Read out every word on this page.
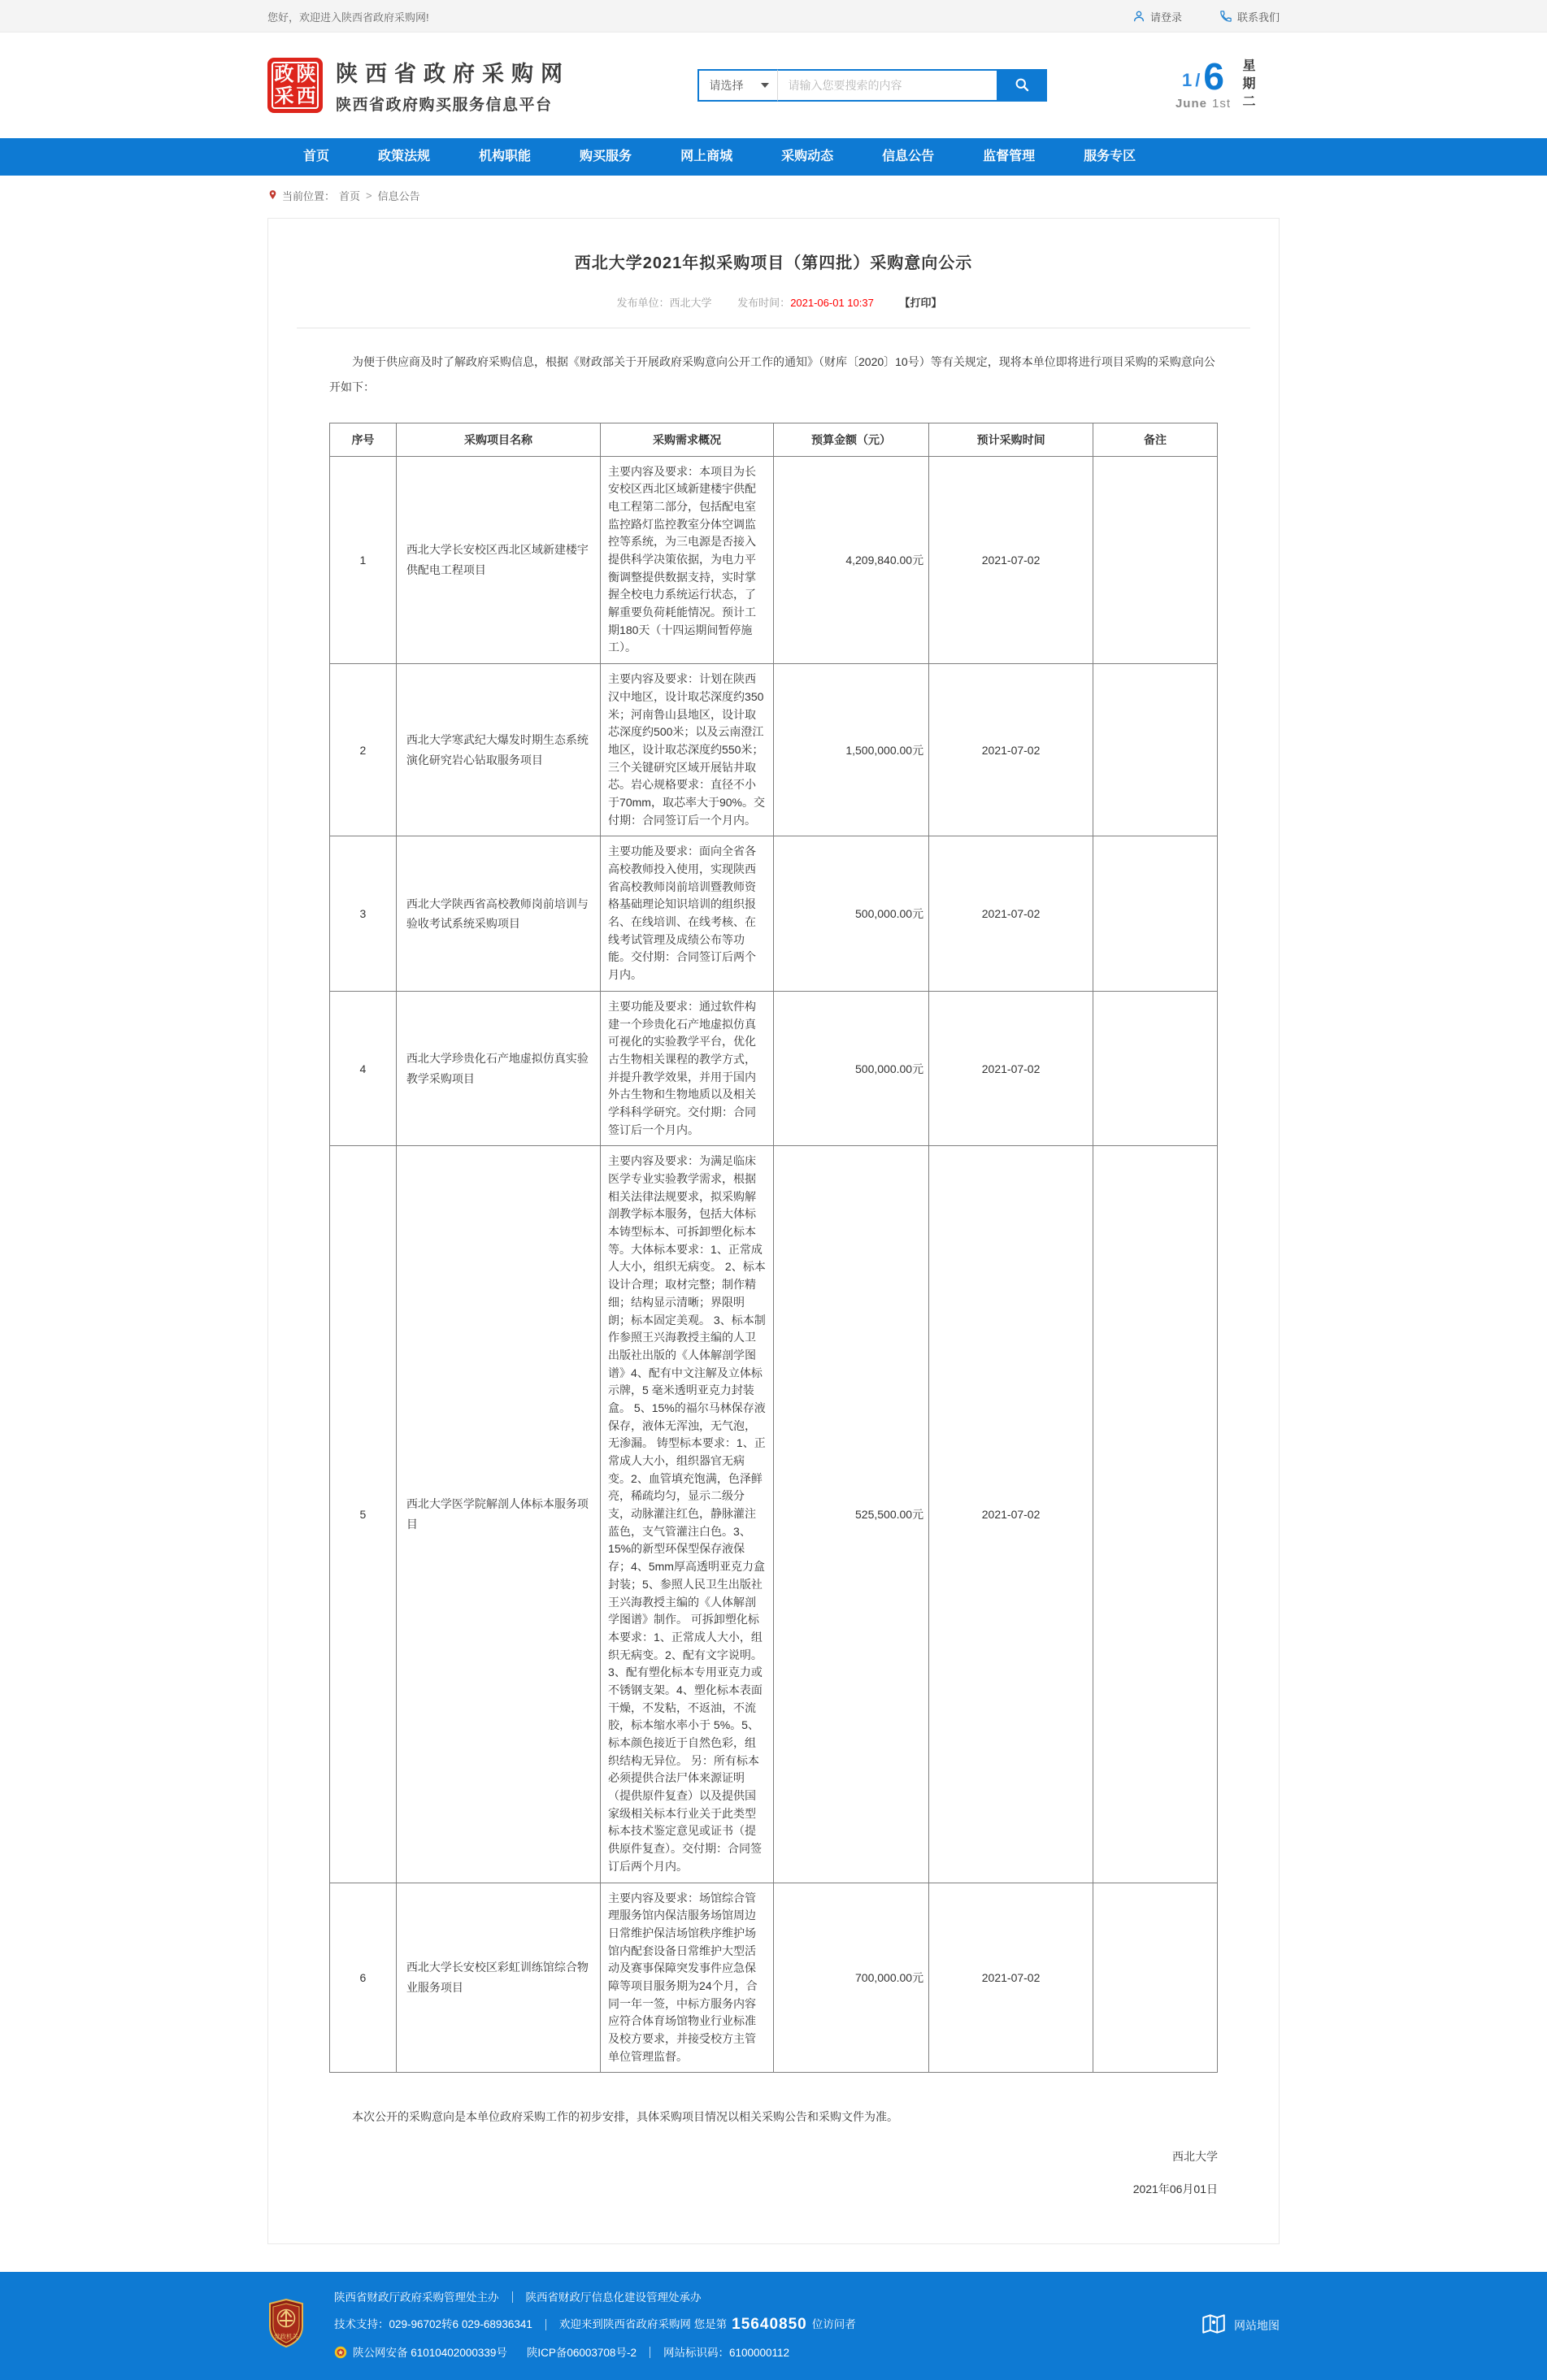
您好，欢迎进入陕西省政府采购网!	请登录	联系我们
政 陕
采 西
陕西省政府采购网
陕西省政府购买服务信息平台
请选择
请输入您要搜索的内容	1 / 6
June 1st 星期二
首页	政策法规	机构职能	购买服务	网上商城	采购动态	信息公告	监督管理	服务专区
当前位置： 首页 > 信息公告
西北大学2021年拟采购项目（第四批）采购意向公示
发布单位：西北大学 发布时间：2021-06-01 10:37 【打印】

为便于供应商及时了解政府采购信息，根据《财政部关于开展政府采购意向公开工作的通知》（财库〔2020〕10号）等有关规定，现将本单位即将进行项目采购的采购意向公开如下：

序号	采购项目名称	采购需求概况	预算金额（元）	预计采购时间	备注
1	西北大学长安校区西北区域新建楼宇供配电工程项目	主要内容及要求：本项目为长安校区西北区域新建楼宇供配电工程第二部分，包括配电室监控路灯监控教室分体空调监控等系统，为三电源是否接入提供科学决策依据，为电力平衡调整提供数据支持，实时掌握全校电力系统运行状态，了解重要负荷耗能情况。预计工期180天（十四运期间暂停施工）。	4,209,840.00元	2021-07-02	
2	西北大学寒武纪大爆发时期生态系统演化研究岩心钻取服务项目	主要内容及要求：计划在陕西汉中地区，设计取芯深度约350米；河南鲁山县地区，设计取芯深度约500米；以及云南澄江地区，设计取芯深度约550米；三个关键研究区域开展钻井取芯。岩心规格要求：直径不小于70mm，取芯率大于90%。交付期：合同签订后一个月内。	1,500,000.00元	2021-07-02	
3	西北大学陕西省高校教师岗前培训与验收考试系统采购项目	主要功能及要求：面向全省各高校教师投入使用，实现陕西省高校教师岗前培训暨教师资格基础理论知识培训的组织报名、在线培训、在线考核、在线考试管理及成绩公布等功能。交付期：合同签订后两个月内。	500,000.00元	2021-07-02	
4	西北大学珍贵化石产地虚拟仿真实验教学采购项目	主要功能及要求：通过软件构建一个珍贵化石产地虚拟仿真可视化的实验教学平台，优化古生物相关课程的教学方式，并提升教学效果，并用于国内外古生物和生物地质以及相关学科科学研究。交付期：合同签订后一个月内。	500,000.00元	2021-07-02	
5	西北大学医学院解剖人体标本服务项目	主要内容及要求：为满足临床医学专业实验教学需求，根据相关法律法规要求，拟采购解剖教学标本服务，包括大体标本铸型标本、可拆卸塑化标本等。大体标本要求：1、正常成人大小，组织无病变。 2、标本设计合理；取材完整；制作精细；结构显示清晰；界限明朗；标本固定美观。 3、标本制作参照王兴海教授主编的人卫出版社出版的《人体解剖学图谱》4、配有中文注解及立体标示牌，5 毫米透明亚克力封装盒。 5、15%的福尔马林保存液保存，液体无浑浊，无气泡，无渗漏。 铸型标本要求：1、正常成人大小，组织器官无病变。2、血管填充饱满，色泽鲜亮，稀疏均匀，显示二级分支，动脉灌注红色，静脉灌注蓝色，支气管灌注白色。3、15%的新型环保型保存液保存；4、5mm厚高透明亚克力盒封装；5、参照人民卫生出版社王兴海教授主编的《人体解剖学图谱》制作。 可拆卸塑化标本要求：1、正常成人大小，组织无病变。2、配有文字说明。3、配有塑化标本专用亚克力或不锈钢支架。4、塑化标本表面干燥，不发粘，不返油，不流胶，标本缩水率小于 5%。5、标本颜色接近于自然色彩，组织结构无异位。 另：所有标本必须提供合法尸体来源证明（提供原件复查）以及提供国家级相关标本行业关于此类型标本技术鉴定意见或证书（提供原件复查）。交付期：合同签订后两个月内。	525,500.00元	2021-07-02	
6	西北大学长安校区彩虹训练馆综合物业服务项目	主要内容及要求：场馆综合管理服务馆内保洁服务场馆周边日常维护保洁场馆秩序维护场馆内配套设备日常维护大型活动及赛事保障突发事件应急保障等项目服务期为24个月，合同一年一签，中标方服务内容应符合体育场馆物业行业标准及校方要求，并接受校方主管单位管理监督。	700,000.00元	2021-07-02	

本次公开的采购意向是本单位政府采购工作的初步安排，具体采购项目情况以相关采购公告和采购文件为准。

西北大学
2021年06月01日
党政机关
陕西省财政厅政府采购管理处主办 陕西省财政厅信息化建设管理处承办
技术支持：029-96702转6 029-68936341 欢迎来到陕西省政府采购网 您是第 15640850 位访问者
陕公网安备 61010402000339号 陕ICP备06003708号-2 网站标识码：6100000112
网站地图
